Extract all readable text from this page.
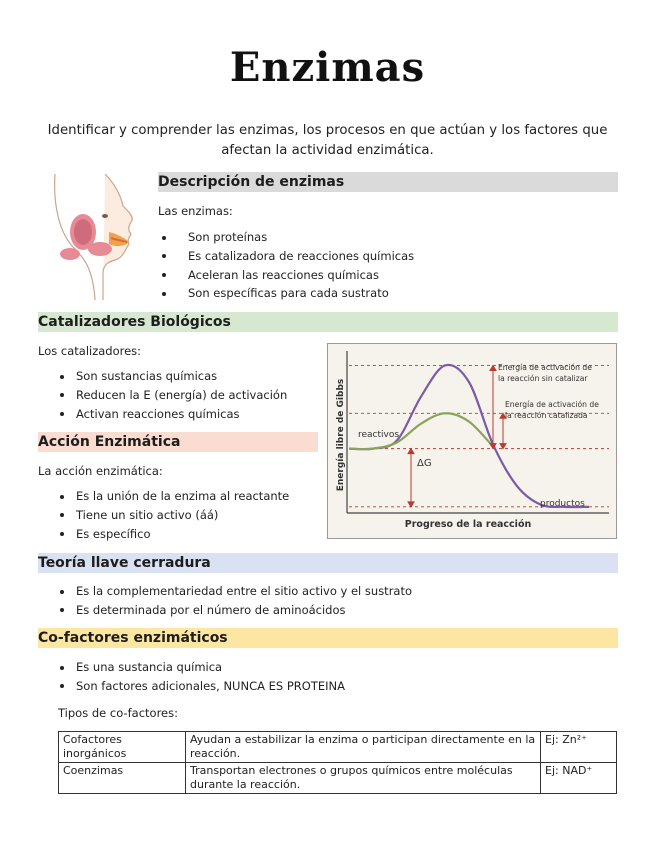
Enzimas
Identificar y comprender las enzimas, los procesos en que actúan y los factores que afectan la actividad enzimática.
Descripción de enzimas
Las enzimas:
Son proteínas
Es catalizadora de reacciones químicas
Aceleran las reacciones químicas
Son específicas para cada sustrato
Catalizadores Biológicos
Los catalizadores:
Son sustancias químicas
Reducen la E (energía) de activación
Activan reacciones químicas
Acción Enzimática
La acción enzimática:
Es la unión de la enzima al reactante
Tiene un sitio activo (áá)
Es específico
Energía libre de Gibbs
Progreso de la reacción
reactivos
productos
ΔG
Energía de activación de
la reacción sin catalizar
Energía de activación de
la reacción catalizada
Teoría llave cerradura
Es la complementariedad entre el sitio activo y el sustrato
Es determinada por el número de aminoácidos
Co-factores enzimáticos
Es una sustancia química
Son factores adicionales, NUNCA ES PROTEINA
Tipos de co-factores:
Cofactores inorgánicos	Ayudan a estabilizar la enzima o participan directamente en la reacción.	Ej: Zn²⁺
Coenzimas	Transportan electrones o grupos químicos entre moléculas durante la reacción.	Ej: NAD⁺
